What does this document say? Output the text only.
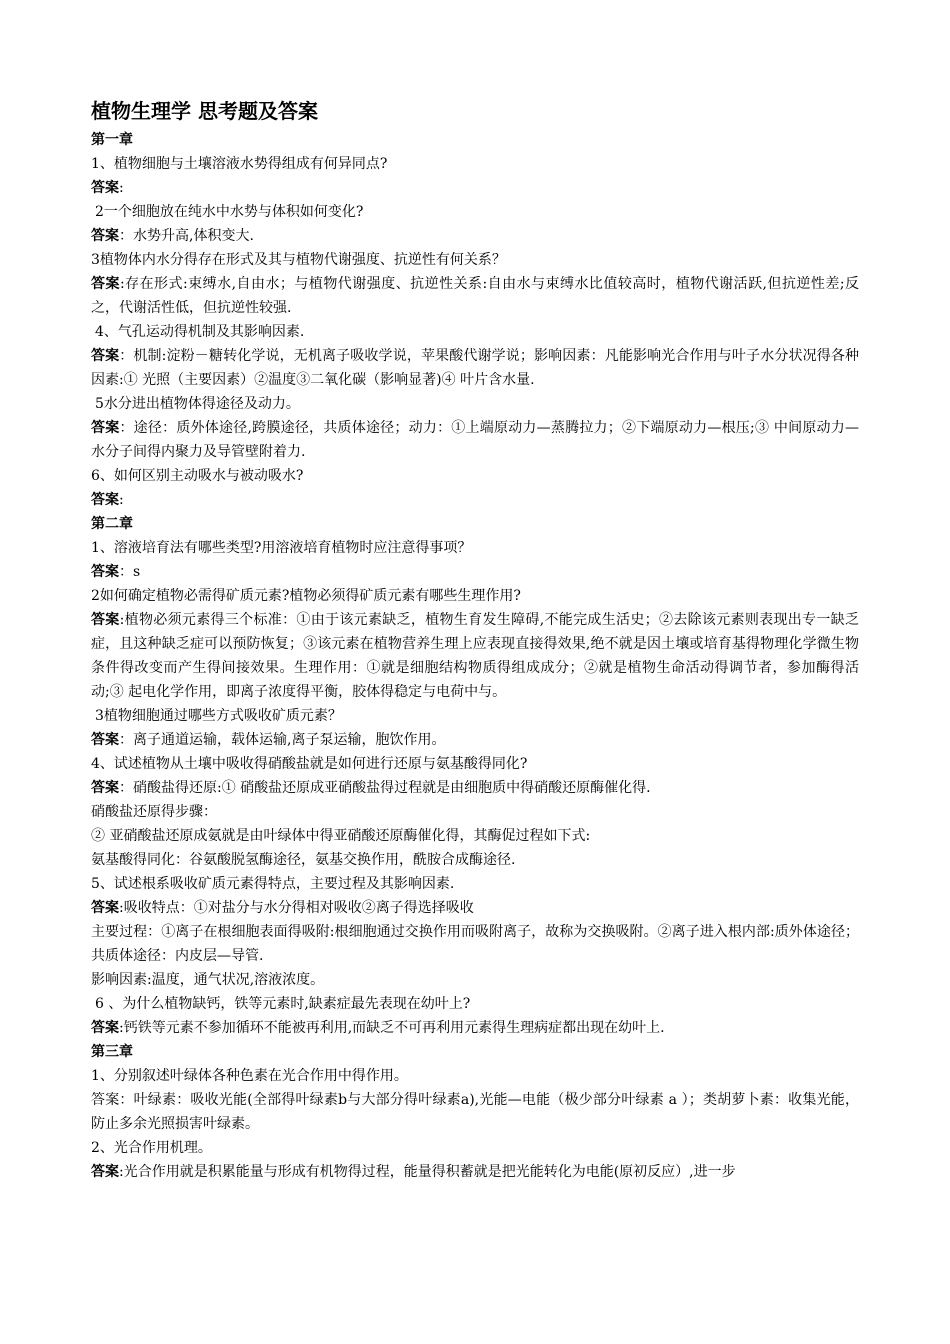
植物生理学 思考题及答案

第一章

1、植物细胞与土壤溶液水势得组成有何异同点?

答案:

2一个细胞放在纯水中水势与体积如何变化?

答案：水势升高,体积变大.

3植物体内水分得存在形式及其与植物代谢强度、抗逆性有何关系？

答案:存在形式:束缚水,自由水；与植物代谢强度、抗逆性关系:自由水与束缚水比值较高时，植物代谢活跃,但抗逆性差;反之，代谢活性低，但抗逆性较强.

4、气孔运动得机制及其影响因素.

答案：机制:淀粉－糖转化学说，无机离子吸收学说，苹果酸代谢学说；影响因素：凡能影响光合作用与叶子水分状况得各种因素:① 光照（主要因素）②温度③二氧化碳（影响显著)④ 叶片含水量.

5水分进出植物体得途径及动力。

答案：途径：质外体途径,跨膜途径，共质体途径；动力：①上端原动力—蒸腾拉力；②下端原动力—根压;③ 中间原动力—水分子间得内聚力及导管壁附着力.

6、如何区别主动吸水与被动吸水?

答案:

第二章

1、溶液培育法有哪些类型?用溶液培育植物时应注意得事项？

答案：s

2如何确定植物必需得矿质元素?植物必须得矿质元素有哪些生理作用?

答案:植物必须元素得三个标准：①由于该元素缺乏，植物生育发生障碍,不能完成生活史；②去除该元素则表现出专一缺乏症，且这种缺乏症可以预防恢复；③该元素在植物营养生理上应表现直接得效果,绝不就是因土壤或培育基得物理化学微生物条件得改变而产生得间接效果。生理作用：①就是细胞结构物质得组成成分；②就是植物生命活动得调节者，参加酶得活动;③ 起电化学作用，即离子浓度得平衡，胶体得稳定与电荷中与。

3植物细胞通过哪些方式吸收矿质元素？

答案：离子通道运输，载体运输,离子泵运输，胞饮作用。

4、试述植物从土壤中吸收得硝酸盐就是如何进行还原与氨基酸得同化?

答案：硝酸盐得还原:① 硝酸盐还原成亚硝酸盐得过程就是由细胞质中得硝酸还原酶催化得.

硝酸盐还原得步骤：

② 亚硝酸盐还原成氨就是由叶绿体中得亚硝酸还原酶催化得，其酶促过程如下式:

氨基酸得同化：谷氨酸脱氢酶途径，氨基交换作用，酰胺合成酶途径.

5、试述根系吸收矿质元素得特点，主要过程及其影响因素.

答案:吸收特点：①对盐分与水分得相对吸收②离子得选择吸收

主要过程：①离子在根细胞表面得吸附:根细胞通过交换作用而吸附离子，故称为交换吸附。②离子进入根内部:质外体途径；共质体途径：内皮层—导管.

影响因素:温度，通气状况,溶液浓度。

6 、为什么植物缺钙，铁等元素时,缺素症最先表现在幼叶上?

答案:钙铁等元素不参加循环不能被再利用,而缺乏不可再利用元素得生理病症都出现在幼叶上.

第三章

1、分别叙述叶绿体各种色素在光合作用中得作用。

答案：叶绿素：吸收光能(全部得叶绿素b与大部分得叶绿素a),光能—电能（极少部分叶绿素 a ）；类胡萝卜素：收集光能，防止多余光照损害叶绿素。

2、光合作用机理。

答案:光合作用就是积累能量与形成有机物得过程，能量得积蓄就是把光能转化为电能(原初反应）,进一步
